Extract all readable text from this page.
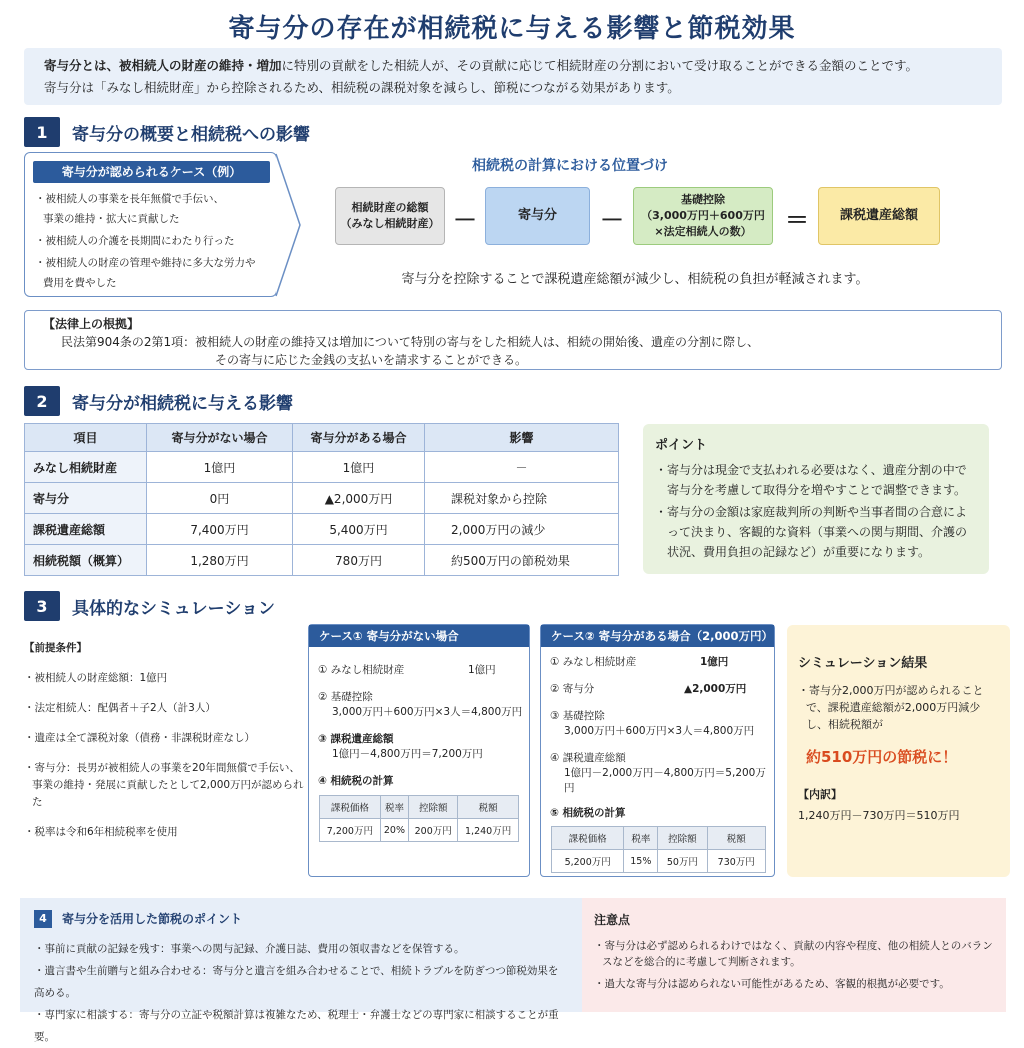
寄与分の存在が相続税に与える影響と節税効果
寄与分とは、被相続人の財産の維持・増加に特別の貢献をした相続人が、その貢献に応じて相続財産の分割において受け取ることができる金額のことです。
寄与分は「みなし相続財産」から控除されるため、相続税の課税対象を減らし、節税につながる効果があります。
1	寄与分の概要と相続税への影響
寄与分が認められるケース（例）
・被相続人の事業を長年無償で手伝い、
事業の維持・拡大に貢献した
・被相続人の介護を長期間にわたり行った
・被相続人の財産の管理や維持に多大な労力や
費用を費やした
相続税の計算における位置づけ
相続財産の総額
（みなし相続財産） －	寄与分 －
基礎控除
（3,000万円＋600万円
×法定相続人の数） ＝ 課税遺産総額
寄与分を控除することで課税遺産総額が減少し、相続税の負担が軽減されます。
【法律上の根拠】
民法第904条の2第1項：被相続人の財産の維持又は増加について特別の寄与をした相続人は、相続の開始後、遺産の分割に際し、
その寄与に応じた金銭の支払いを請求することができる。
2	寄与分が相続税に与える影響
項目	寄与分がない場合	寄与分がある場合	影響
みなし相続財産	1億円	1億円	－
寄与分	0円	▲2,000万円	課税対象から控除
課税遺産総額	7,400万円	5,400万円	2,000万円の減少
相続税額（概算）	1,280万円	780万円	約500万円の節税効果
ポイント

・寄与分は現金で支払われる必要はなく、遺産分割の中で寄与分を考慮して取得分を増やすことで調整できます。

・寄与分の金額は家庭裁判所の判断や当事者間の合意によって決まり、客観的な資料（事業への関与期間、介護の状況、費用負担の記録など）が重要になります。

3	具体的なシミュレーション
【前提条件】

・被相続人の財産総額：1億円

・法定相続人：配偶者＋子2人（計3人）

・遺産は全て課税対象（債務・非課税財産なし）

・寄与分：長男が被相続人の事業を20年間無償で手伝い、
事業の維持・発展に貢献したとして2,000万円が認められた

・税率は令和6年相続税率を使用

ケース① 寄与分がない場合
① みなし相続財産	1億円
② 基礎控除
3,000万円＋600万円×3人＝4,800万円
③ 課税遺産総額
1億円－4,800万円＝7,200万円
④ 相続税の計算
課税価格	税率	控除額	税額
7,200万円	20%	200万円	1,240万円
ケース② 寄与分がある場合（2,000万円）
① みなし相続財産	1億円
② 寄与分	▲2,000万円
③ 基礎控除
3,000万円＋600万円×3人＝4,800万円
④ 課税遺産総額
1億円－2,000万円－4,800万円＝5,200万円
⑤ 相続税の計算
課税価格	税率	控除額	税額
5,200万円	15%	50万円	730万円
シミュレーション結果
・寄与分2,000万円が認められることで、課税遺産総額が2,000万円減少し、相続税額が
約510万円の節税に！
【内訳】
1,240万円－730万円＝510万円
4	寄与分を活用した節税のポイント
・事前に貢献の記録を残す：事業への関与記録、介護日誌、費用の領収書などを保管する。
・遺言書や生前贈与と組み合わせる：寄与分と遺言を組み合わせることで、相続トラブルを防ぎつつ節税効果を高める。
・専門家に相談する：寄与分の立証や税額計算は複雑なため、税理士・弁護士などの専門家に相談することが重要。
注意点

・寄与分は必ず認められるわけではなく、貢献の内容や程度、他の相続人とのバランスなどを総合的に考慮して判断されます。

・過大な寄与分は認められない可能性があるため、客観的根拠が必要です。
